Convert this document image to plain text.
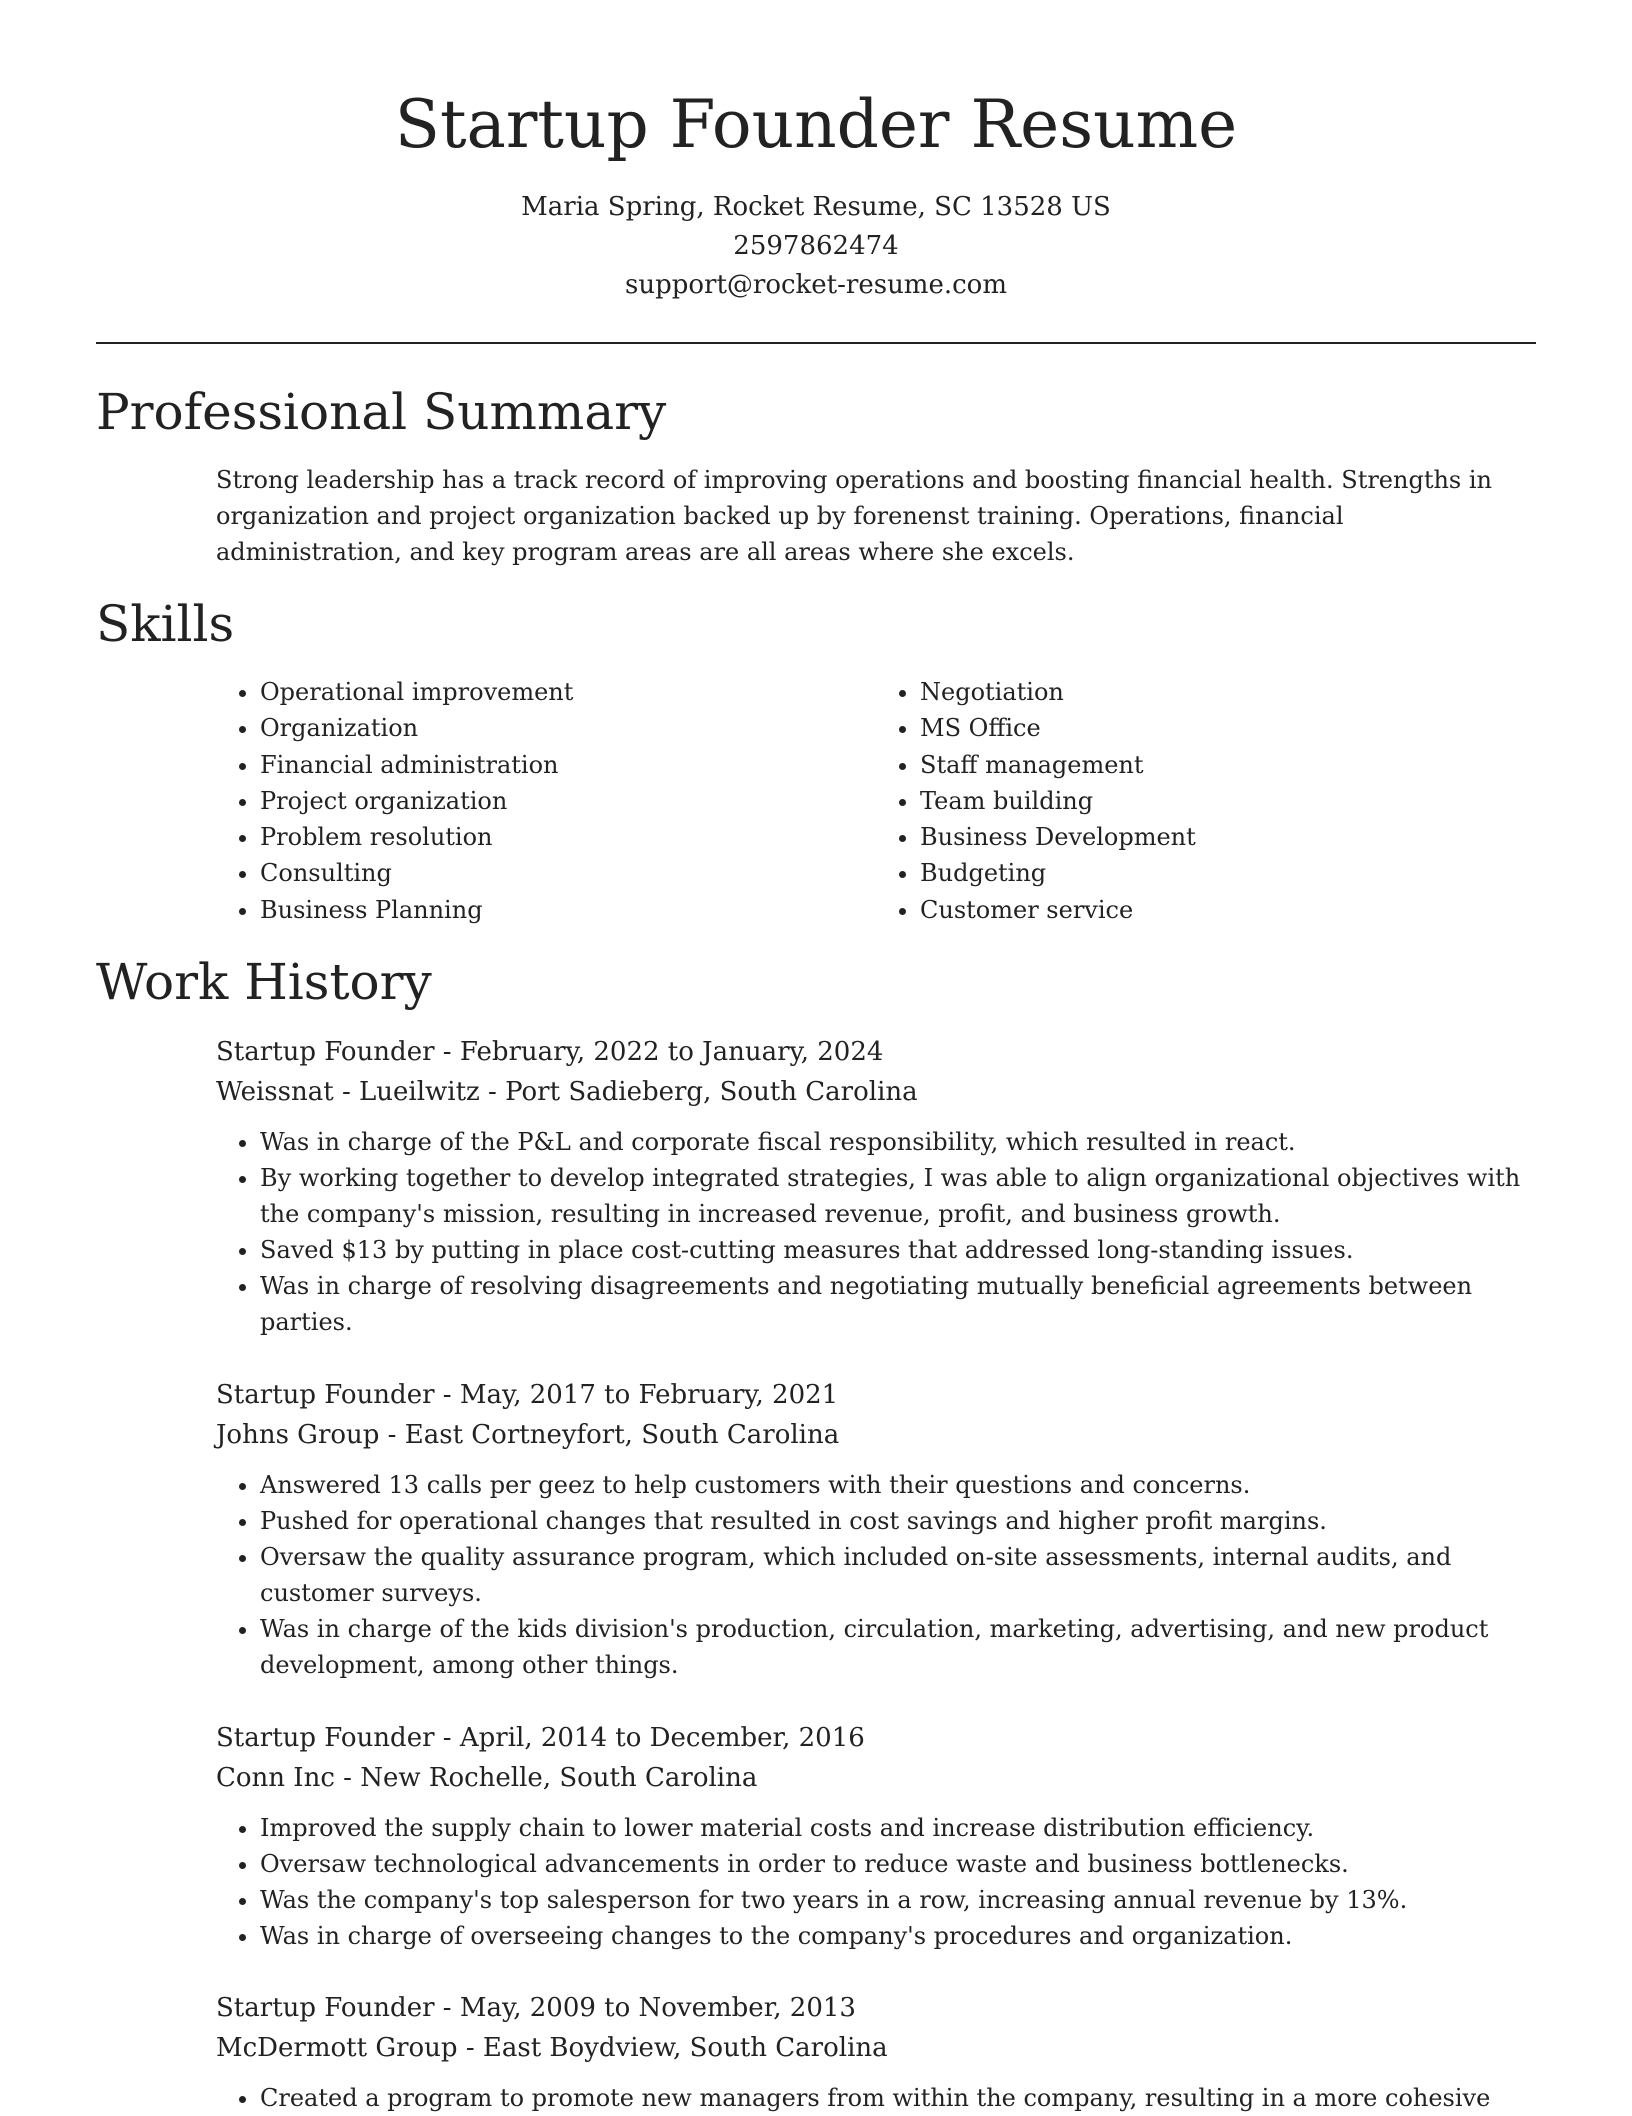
Startup Founder Resume

Maria Spring, Rocket Resume, SC 13528 US

2597862474

support@rocket-resume.com

Professional Summary

Strong leadership has a track record of improving operations and boosting financial health. Strengths in organization and project organization backed up by forenenst training. Operations, financial administration, and key program areas are all areas where she excels.

Skills
• Operational improvement
• Organization
• Financial administration
• Project organization
• Problem resolution
• Consulting
• Business Planning
• Negotiation
• MS Office
• Staff management
• Team building
• Business Development
• Budgeting
• Customer service
Work History

Startup Founder - February, 2022 to January, 2024

Weissnat - Lueilwitz - Port Sadieberg, South Carolina

• Was in charge of the P&L and corporate fiscal responsibility, which resulted in react.
• By working together to develop integrated strategies, I was able to align organizational objectives with the company's mission, resulting in increased revenue, profit, and business growth.
• Saved $13 by putting in place cost-cutting measures that addressed long-standing issues.
• Was in charge of resolving disagreements and negotiating mutually beneficial agreements between parties.

Startup Founder - May, 2017 to February, 2021

Johns Group - East Cortneyfort, South Carolina

• Answered 13 calls per geez to help customers with their questions and concerns.
• Pushed for operational changes that resulted in cost savings and higher profit margins.
• Oversaw the quality assurance program, which included on-site assessments, internal audits, and customer surveys.
• Was in charge of the kids division's production, circulation, marketing, advertising, and new product development, among other things.

Startup Founder - April, 2014 to December, 2016

Conn Inc - New Rochelle, South Carolina

• Improved the supply chain to lower material costs and increase distribution efficiency.
• Oversaw technological advancements in order to reduce waste and business bottlenecks.
• Was the company's top salesperson for two years in a row, increasing annual revenue by 13%.
• Was in charge of overseeing changes to the company's procedures and organization.

Startup Founder - May, 2009 to November, 2013

McDermott Group - East Boydview, South Carolina

• Created a program to promote new managers from within the company, resulting in a more cohesive
